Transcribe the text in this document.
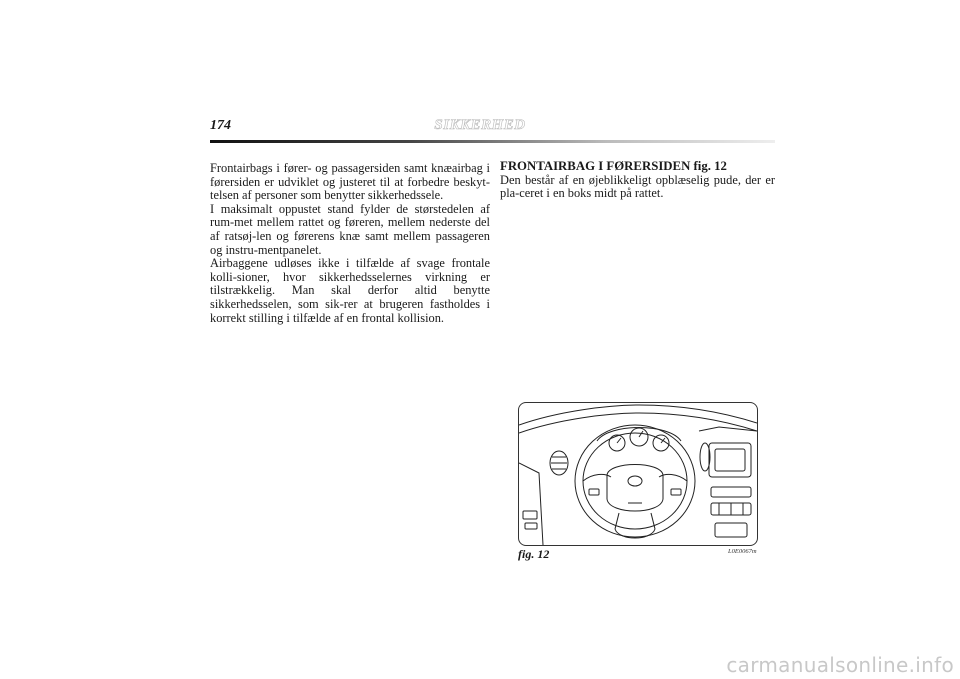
174	SIKKERHED

Frontairbags i fører- og passagersiden samt knæairbag i førersiden er udviklet og justeret til at forbedre beskyt-telsen af personer som benytter sikkerhedssele.

I maksimalt oppustet stand fylder de størstedelen af rum-met mellem rattet og føreren, mellem nederste del af ratsøj-len og førerens knæ samt mellem passageren og instru-mentpanelet.

Airbaggene udløses ikke i tilfælde af svage frontale kolli-sioner, hvor sikkerhedsselernes virkning er tilstrækkelig. Man skal derfor altid benytte sikkerhedsselen, som sik-rer at brugeren fastholdes i korrekt stilling i tilfælde af en frontal kollision.

FRONTAIRBAG I FØRERSIDEN fig. 12

Den består af en øjeblikkeligt opblæselig pude, der er pla-ceret i en boks midt på rattet.

fig. 12	L0E0067m
carmanualsonline.info
